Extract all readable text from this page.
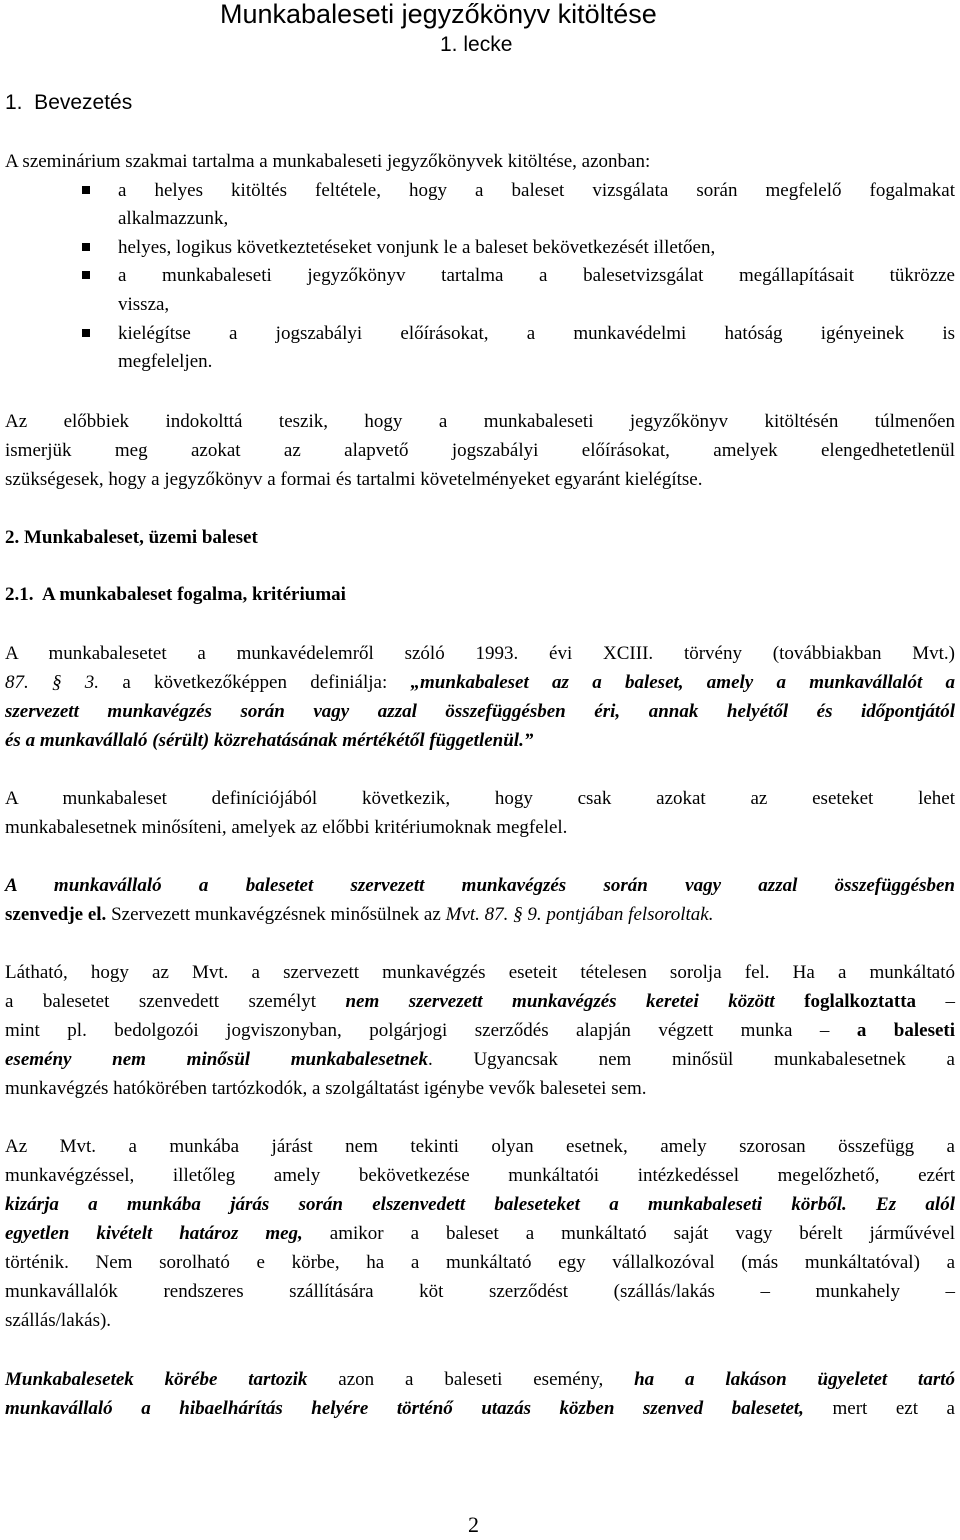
Munkabaleseti jegyzőkönyv kitöltése
1. lecke
1.  Bevezetés
A szeminárium szakmai tartalma a munkabaleseti jegyzőkönyvek kitöltése, azonban:
a helyes kitöltés feltétele, hogy a baleset vizsgálata során megfelelő fogalmakat
alkalmazzunk,
helyes, logikus következtetéseket vonjunk le a baleset bekövetkezését illetően,
a munkabaleseti jegyzőkönyv tartalma a balesetvizsgálat megállapításait tükrözze
vissza,
kielégítse a jogszabályi előírásokat, a munkavédelmi hatóság igényeinek is
megfeleljen.
Az előbbiek indokolttá teszik, hogy a munkabaleseti jegyzőkönyv kitöltésén túlmenően
ismerjük meg azokat az alapvető jogszabályi előírásokat, amelyek elengedhetetlenül
szükségesek, hogy a jegyzőkönyv a formai és tartalmi követelményeket egyaránt kielégítse.
2. Munkabaleset, üzemi baleset
2.1.  A munkabaleset fogalma, kritériumai
A munkabalesetet a munkavédelemről szóló 1993. évi XCIII. törvény (továbbiakban Mvt.)
87. § 3. a következőképpen definiálja: „munkabaleset az a baleset, amely a munkavállalót a
szervezett munkavégzés során vagy azzal összefüggésben éri, annak helyétől és időpontjától
és a munkavállaló (sérült) közrehatásának mértékétől függetlenül.”
A munkabaleset definíciójából következik, hogy csak azokat az eseteket lehet
munkabalesetnek minősíteni, amelyek az előbbi kritériumoknak megfelel.
A munkavállaló a balesetet szervezett munkavégzés során vagy azzal összefüggésben
szenvedje el. Szervezett munkavégzésnek minősülnek az Mvt. 87. § 9. pontjában felsoroltak.
Látható, hogy az Mvt. a szervezett munkavégzés eseteit tételesen sorolja fel. Ha a munkáltató
a balesetet szenvedett személyt nem szervezett munkavégzés keretei között foglalkoztatta –
mint pl. bedolgozói jogviszonyban, polgárjogi szerződés alapján végzett munka – a baleseti
esemény nem minősül munkabalesetnek. Ugyancsak nem minősül munkabalesetnek a
munkavégzés hatókörében tartózkodók, a szolgáltatást igénybe vevők balesetei sem.
Az Mvt. a munkába járást nem tekinti olyan esetnek, amely szorosan összefügg a
munkavégzéssel, illetőleg amely bekövetkezése munkáltatói intézkedéssel megelőzhető, ezért
kizárja a munkába járás során elszenvedett baleseteket a munkabaleseti körből. Ez alól
egyetlen kivételt határoz meg, amikor a baleset a munkáltató saját vagy bérelt járművével
történik. Nem sorolható e körbe, ha a munkáltató egy vállalkozóval (más munkáltatóval) a
munkavállalók rendszeres szállítására köt szerződést (szállás/lakás – munkahely –
szállás/lakás).
Munkabalesetek körébe tartozik azon a baleseti esemény, ha a lakáson ügyeletet tartó
munkavállaló a hibaelhárítás helyére történő utazás közben szenved balesetet, mert ezt a
2
